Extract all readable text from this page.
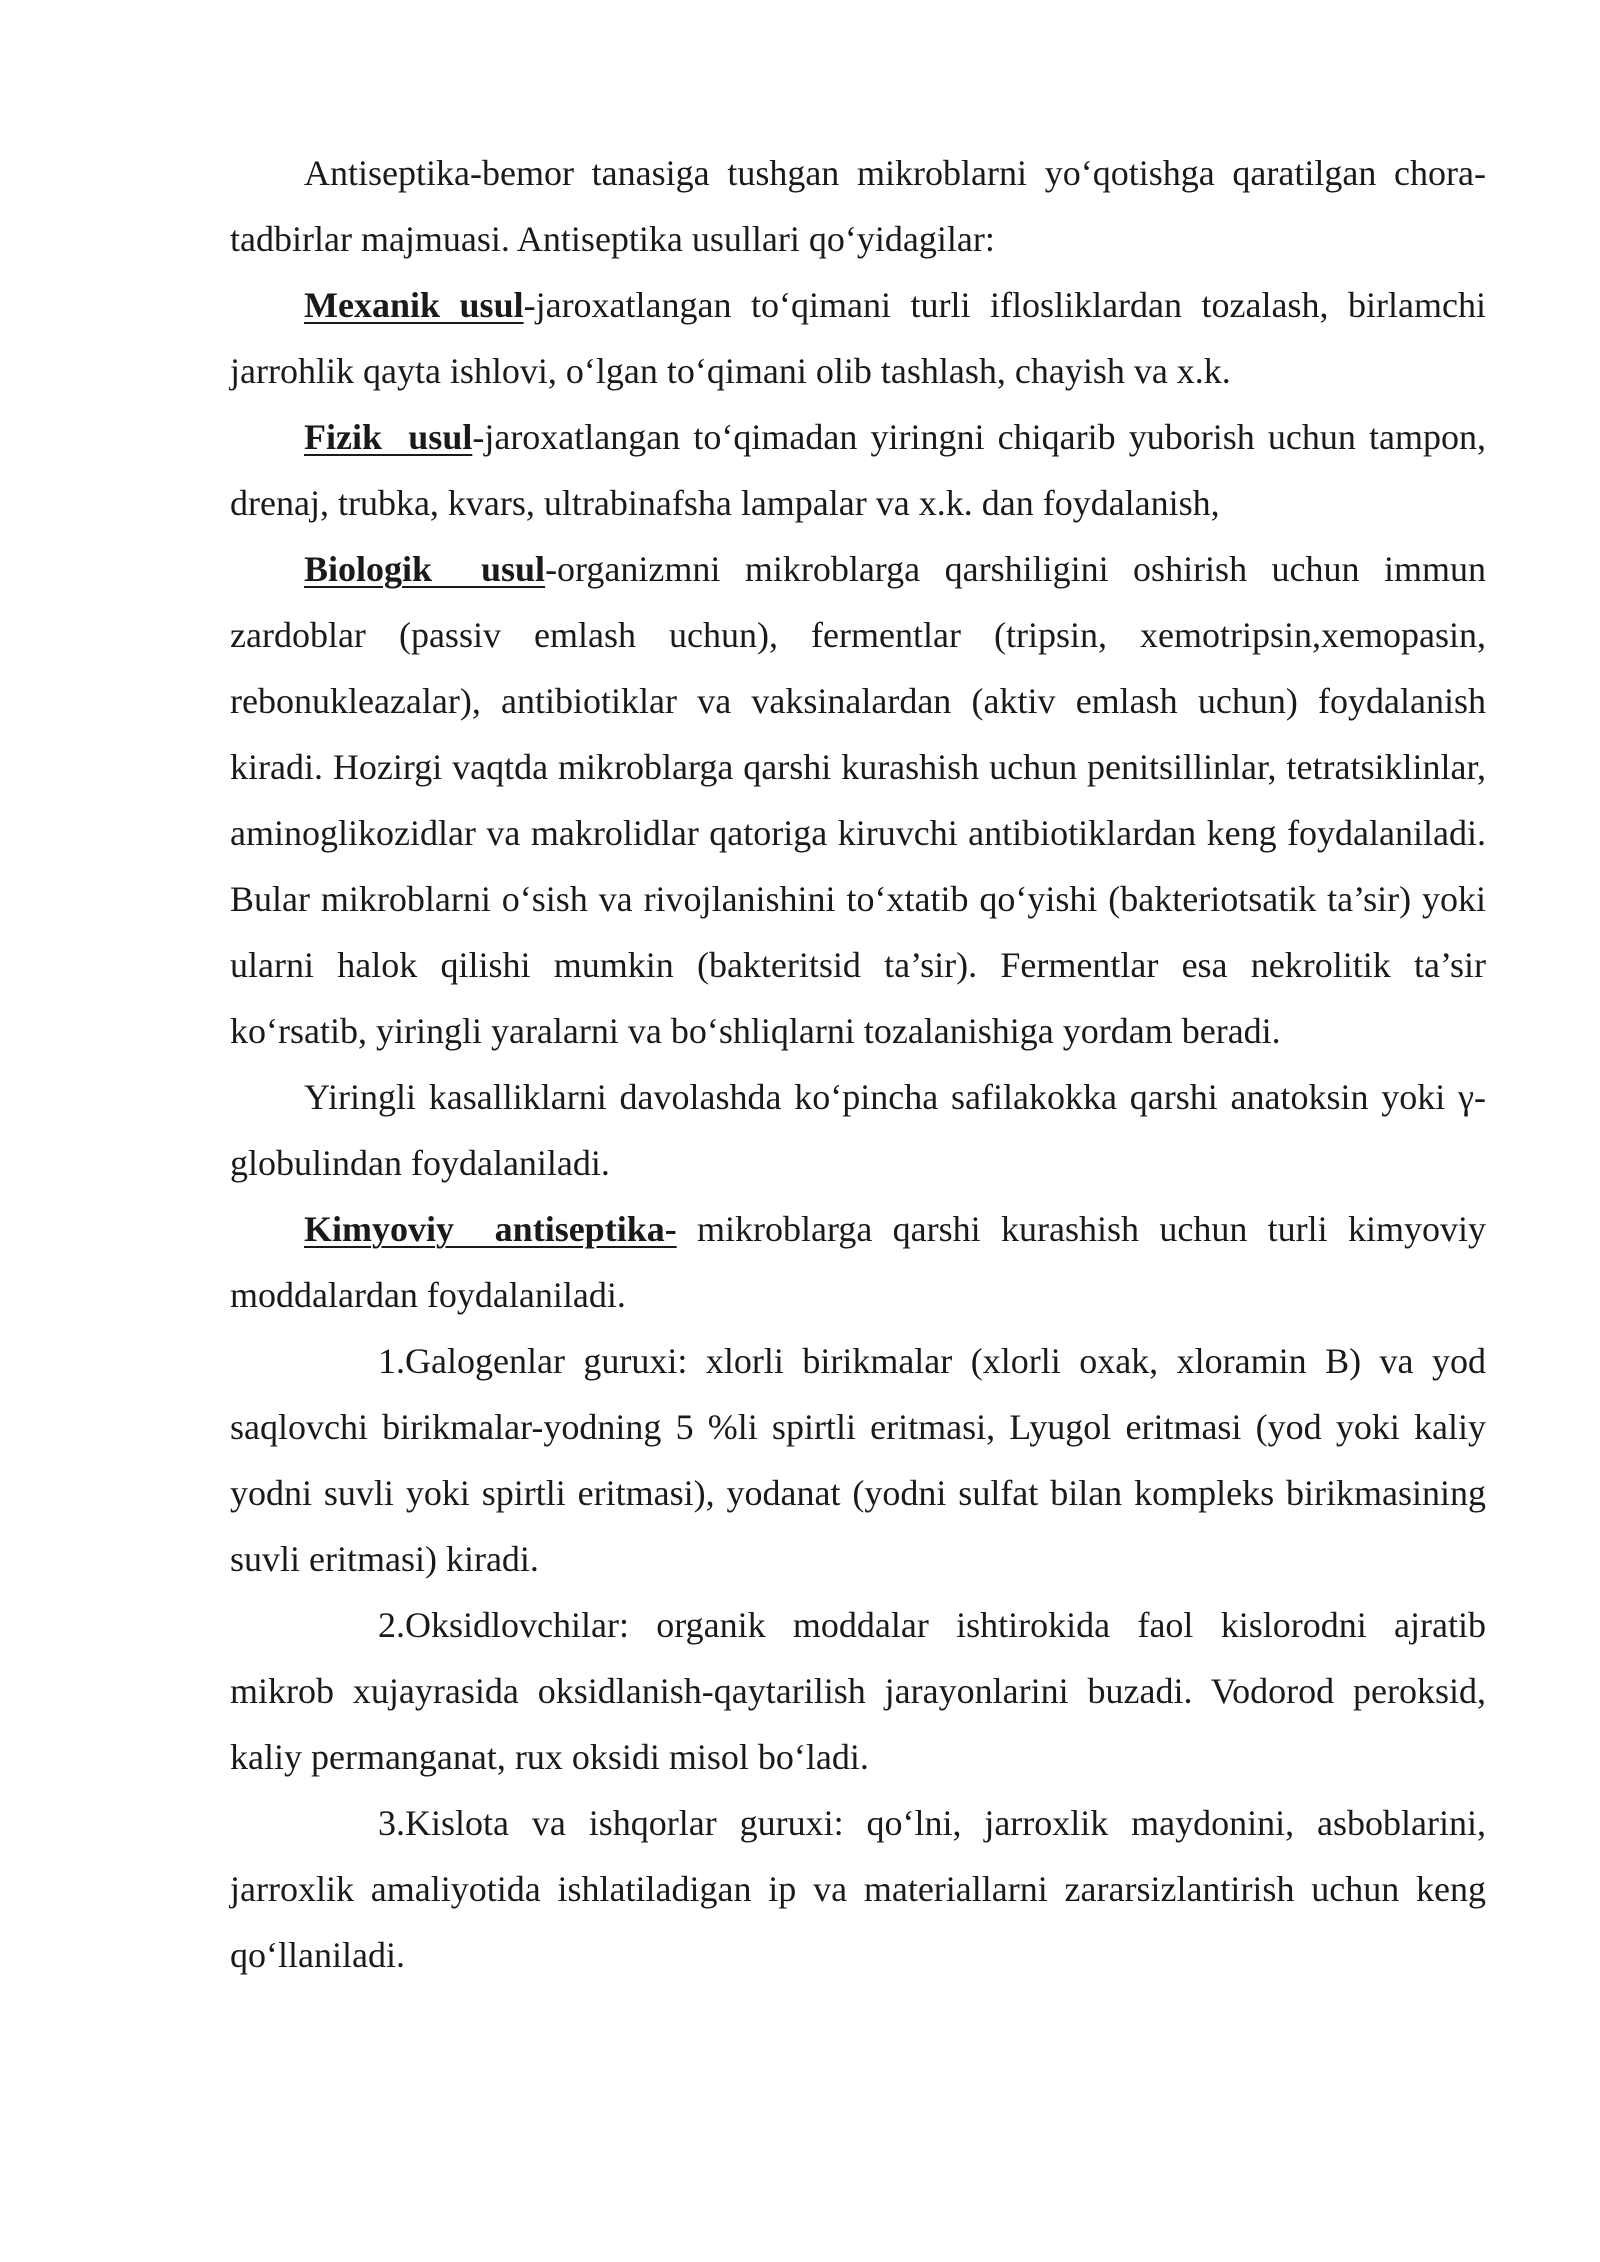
Antiseptika-bemor tanasiga tushgan mikroblarni yo‘qotishga qaratilgan chora-tadbirlar majmuasi. Antiseptika usullari qo‘yidagilar:

Mexanik usul-jaroxatlangan to‘qimani turli iflosliklardan tozalash, birlamchi jarrohlik qayta ishlovi, o‘lgan to‘qimani olib tashlash, chayish va x.k.

Fizik  usul-jaroxatlangan to‘qimadan yiringni chiqarib yuborish uchun tampon, drenaj, trubka, kvars, ultrabinafsha lampalar va x.k. dan foydalanish,

Biologik  usul-organizmni mikroblarga qarshiligini oshirish uchun immun zardoblar (passiv emlash uchun), fermentlar (tripsin, xemotripsin,xemopasin, rebonukleazalar), antibiotiklar va vaksinalardan (aktiv emlash uchun) foydalanish kiradi. Hozirgi vaqtda mikroblarga qarshi kurashish uchun penitsillinlar, tetratsiklinlar, aminoglikozidlar va makrolidlar qatoriga kiruvchi antibiotiklardan keng foydalaniladi. Bular mikroblarni o‘sish va rivojlanishini to‘xtatib qo‘yishi (bakteriotsatik ta’sir) yoki ularni halok qilishi mumkin (bakteritsid ta’sir). Fermentlar esa nekrolitik ta’sir ko‘rsatib, yiringli yaralarni va bo‘shliqlarni tozalanishiga yordam beradi.

Yiringli kasalliklarni davolashda ko‘pincha safilakokka qarshi anatoksin yoki γ-globulindan foydalaniladi.

Kimyoviy  antiseptika- mikroblarga qarshi kurashish uchun turli kimyoviy moddalardan foydalaniladi.

1.Galogenlar guruxi: xlorli birikmalar (xlorli oxak, xloramin B) va yod saqlovchi birikmalar-yodning 5 %li spirtli eritmasi, Lyugol eritmasi (yod yoki kaliy yodni suvli yoki spirtli eritmasi), yodanat (yodni sulfat bilan kompleks birikmasining suvli eritmasi) kiradi.

2.Oksidlovchilar: organik moddalar ishtirokida faol kislorodni ajratib mikrob xujayrasida oksidlanish-qaytarilish jarayonlarini buzadi. Vodorod peroksid, kaliy permanganat, rux oksidi misol bo‘ladi.

3.Kislota va ishqorlar guruxi: qo‘lni, jarroxlik maydonini, asboblarini, jarroxlik amaliyotida ishlatiladigan ip va materiallarni zararsizlantirish uchun keng qo‘llaniladi.
